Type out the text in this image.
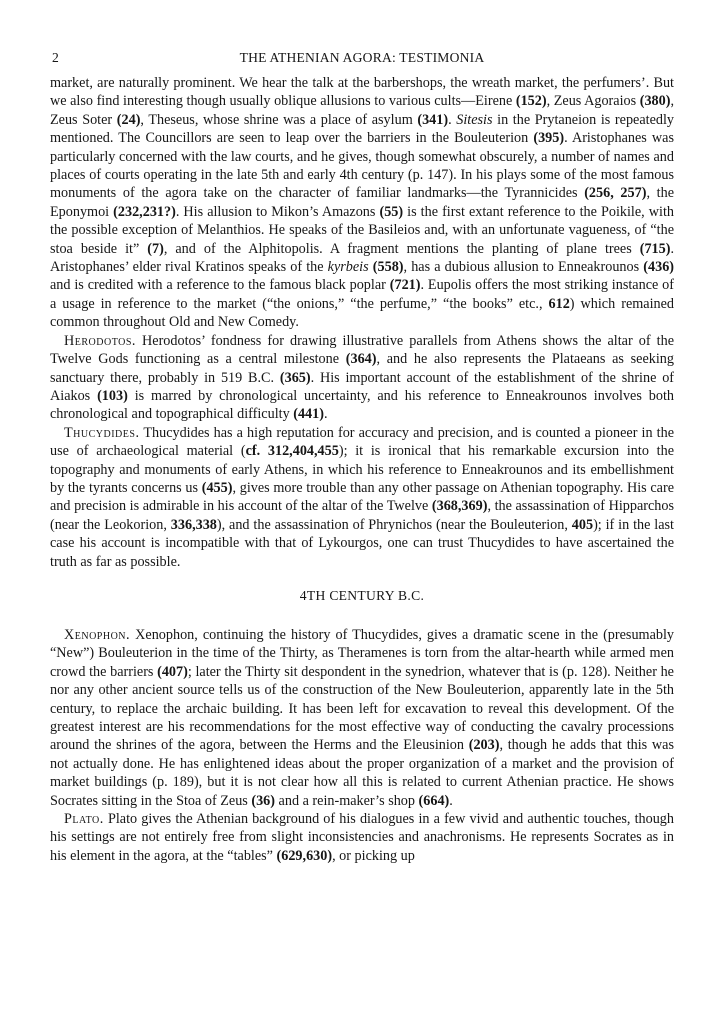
2	THE ATHENIAN AGORA: TESTIMONIA

market, are naturally prominent. We hear the talk at the barbershops, the wreath market, the perfumers’. But we also find interesting though usually oblique allusions to various cults—Eirene (152), Zeus Agoraios (380), Zeus Soter (24), Theseus, whose shrine was a place of asylum (341). Sitesis in the Prytaneion is repeatedly mentioned. The Councillors are seen to leap over the barriers in the Bouleuterion (395). Aristophanes was particularly concerned with the law courts, and he gives, though somewhat obscurely, a number of names and places of courts operating in the late 5th and early 4th century (p. 147). In his plays some of the most famous monuments of the agora take on the character of familiar landmarks—the Tyrannicides (256, 257), the Eponymoi (232,231?). His allusion to Mikon’s Amazons (55) is the first extant reference to the Poikile, with the possible exception of Melanthios. He speaks of the Basileios and, with an unfortunate vagueness, of “the stoa beside it” (7), and of the Alphitopolis. A fragment mentions the planting of plane trees (715). Aristophanes’ elder rival Kratinos speaks of the kyrbeis (558), has a dubious allusion to Enneakrounos (436) and is credited with a reference to the famous black poplar (721). Eupolis offers the most striking instance of a usage in reference to the market (“the onions,” “the perfume,” “the books” etc., 612) which remained common throughout Old and New Comedy.

Herodotos. Herodotos’ fondness for drawing illustrative parallels from Athens shows the altar of the Twelve Gods functioning as a central milestone (364), and he also represents the Plataeans as seeking sanctuary there, probably in 519 B.C. (365). His important account of the establishment of the shrine of Aiakos (103) is marred by chronological uncertainty, and his reference to Enneakrounos involves both chronological and topographical difficulty (441).

Thucydides. Thucydides has a high reputation for accuracy and precision, and is counted a pioneer in the use of archaeological material (cf. 312,404,455); it is ironical that his remarkable excursion into the topography and monuments of early Athens, in which his reference to Enneakrounos and its embellishment by the tyrants concerns us (455), gives more trouble than any other passage on Athenian topography. His care and precision is admirable in his account of the altar of the Twelve (368,369), the assassination of Hipparchos (near the Leokorion, 336,338), and the assassination of Phrynichos (near the Bouleuterion, 405); if in the last case his account is incompatible with that of Lykourgos, one can trust Thucydides to have ascertained the truth as far as possible.

4TH CENTURY B.C.

Xenophon. Xenophon, continuing the history of Thucydides, gives a dramatic scene in the (presumably “New”) Bouleuterion in the time of the Thirty, as Theramenes is torn from the altar-hearth while armed men crowd the barriers (407); later the Thirty sit despondent in the synedrion, whatever that is (p. 128). Neither he nor any other ancient source tells us of the construction of the New Bouleuterion, apparently late in the 5th century, to replace the archaic building. It has been left for excavation to reveal this development. Of the greatest interest are his recommendations for the most effective way of conducting the cavalry processions around the shrines of the agora, between the Herms and the Eleusinion (203), though he adds that this was not actually done. He has enlightened ideas about the proper organization of a market and the provision of market buildings (p. 189), but it is not clear how all this is related to current Athenian practice. He shows Socrates sitting in the Stoa of Zeus (36) and a rein-maker’s shop (664).

Plato. Plato gives the Athenian background of his dialogues in a few vivid and authentic touches, though his settings are not entirely free from slight inconsistencies and anachronisms. He represents Socrates as in his element in the agora, at the “tables” (629,630), or picking up
